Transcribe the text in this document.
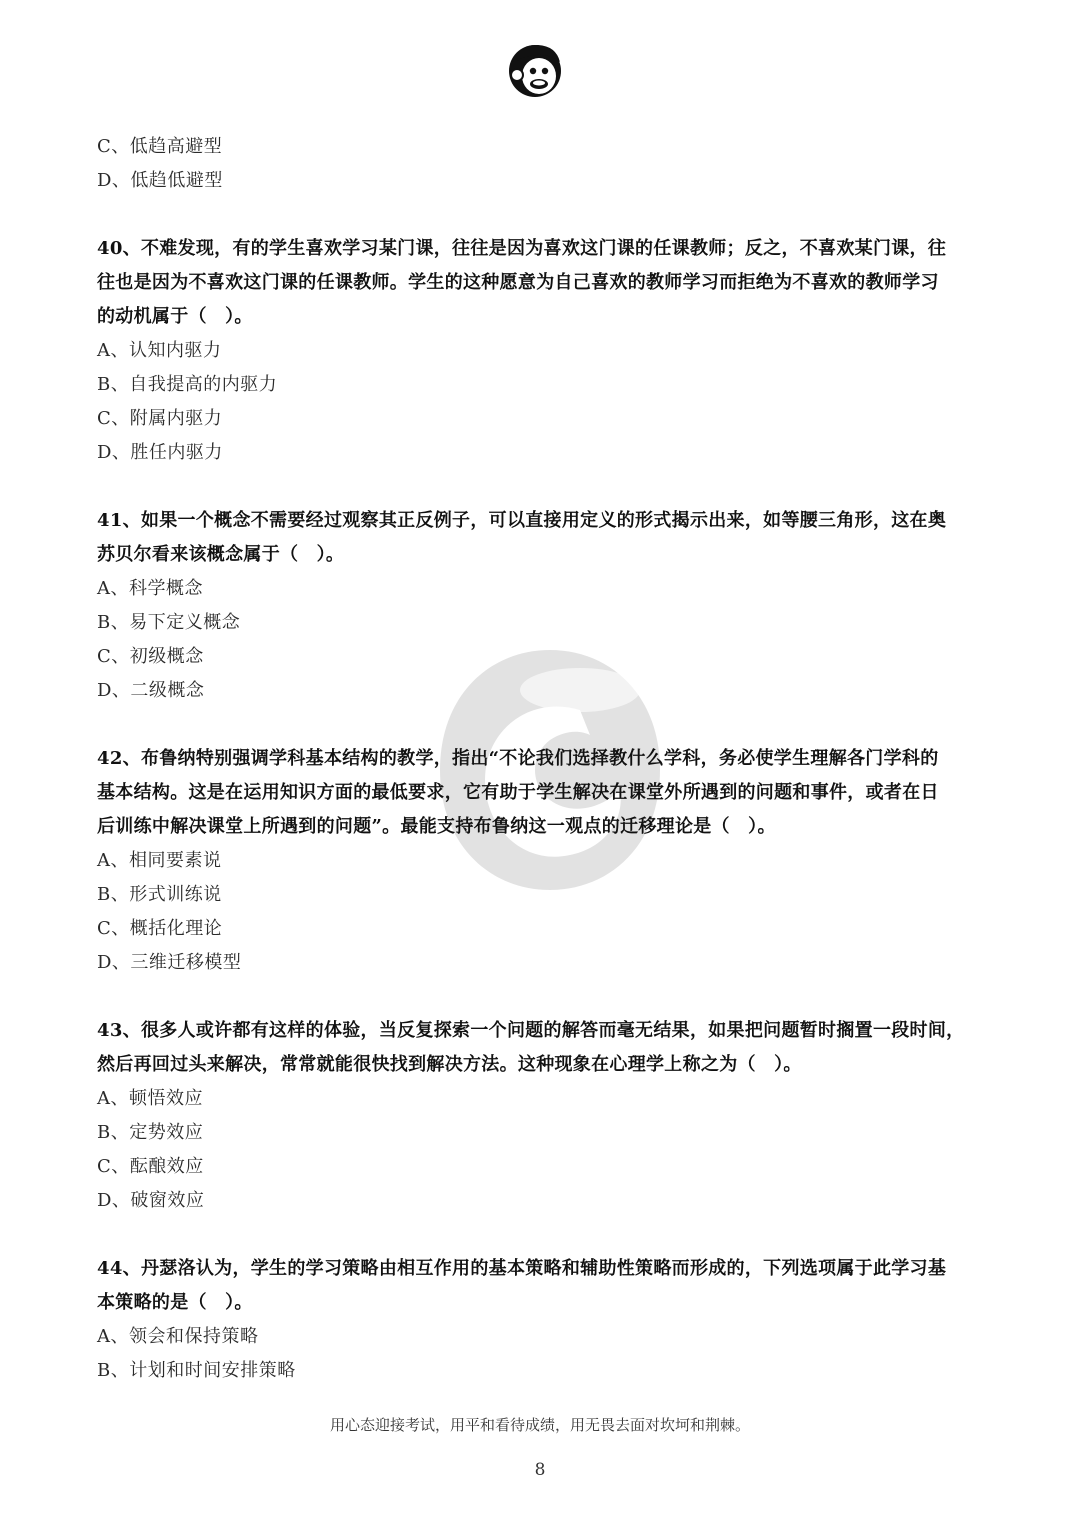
C、低趋高避型
D、低趋低避型
40、不难发现，有的学生喜欢学习某门课，往往是因为喜欢这门课的任课教师；反之，不喜欢某门课，往
往也是因为不喜欢这门课的任课教师。学生的这种愿意为自己喜欢的教师学习而拒绝为不喜欢的教师学习
的动机属于（　）。
A、认知内驱力
B、自我提高的内驱力
C、附属内驱力
D、胜任内驱力
41、如果一个概念不需要经过观察其正反例子，可以直接用定义的形式揭示出来，如等腰三角形，这在奥
苏贝尔看来该概念属于（　）。
A、科学概念
B、易下定义概念
C、初级概念
D、二级概念
42、布鲁纳特别强调学科基本结构的教学，指出“不论我们选择教什么学科，务必使学生理解各门学科的
基本结构。这是在运用知识方面的最低要求，它有助于学生解决在课堂外所遇到的问题和事件，或者在日
后训练中解决课堂上所遇到的问题”。最能支持布鲁纳这一观点的迁移理论是（　）。
A、相同要素说
B、形式训练说
C、概括化理论
D、三维迁移模型
43、很多人或许都有这样的体验，当反复探索一个问题的解答而毫无结果，如果把问题暂时搁置一段时间，
然后再回过头来解决，常常就能很快找到解决方法。这种现象在心理学上称之为（　）。
A、顿悟效应
B、定势效应
C、酝酿效应
D、破窗效应
44、丹瑟洛认为，学生的学习策略由相互作用的基本策略和辅助性策略而形成的，下列选项属于此学习基
本策略的是（　）。
A、领会和保持策略
B、计划和时间安排策略
用心态迎接考试，用平和看待成绩，用无畏去面对坎坷和荆棘。
8
